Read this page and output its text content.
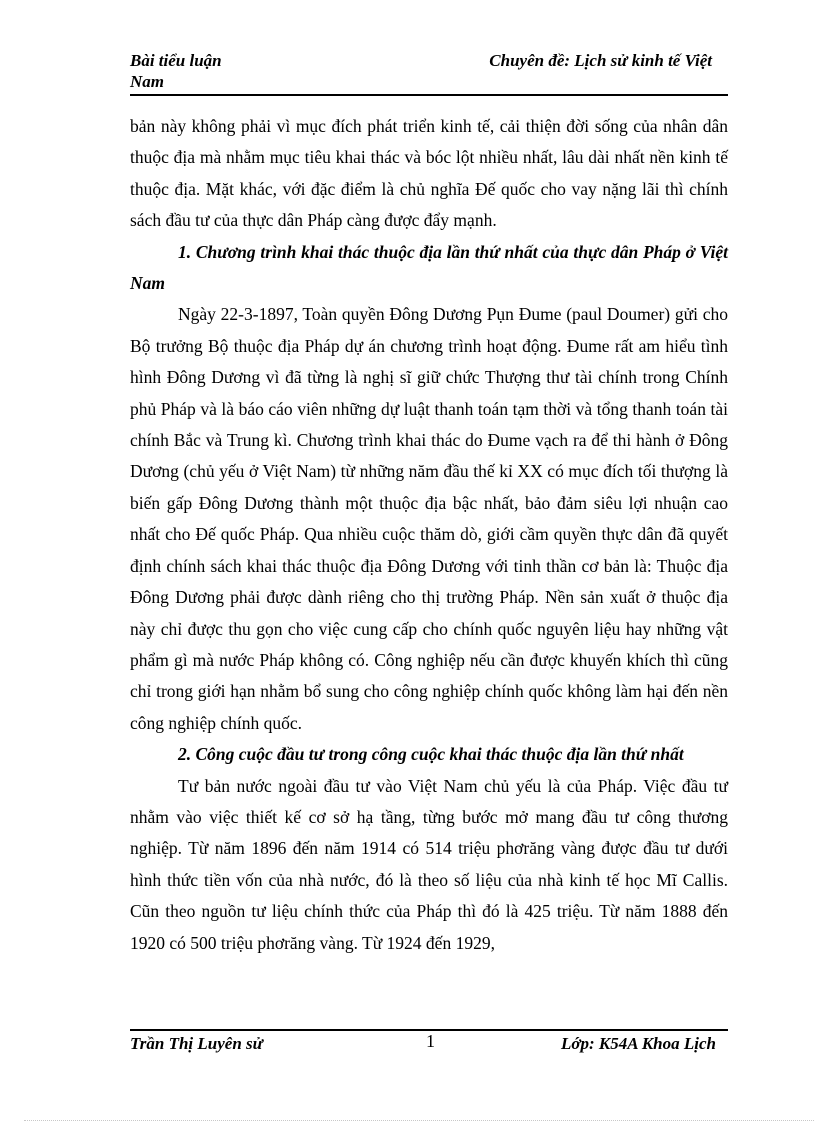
Bài tiểu luận Nam
Chuyên đề: Lịch sử kinh tế Việt

bản này không phải vì mục đích phát triển kinh tế, cải thiện đời sống của nhân dân thuộc địa mà nhằm mục tiêu khai thác và bóc lột nhiều nhất, lâu dài nhất nền kinh tế thuộc địa. Mặt khác, với đặc điểm là chủ nghĩa Đế quốc cho vay nặng lãi thì chính sách đầu tư của thực dân Pháp càng được đẩy mạnh.

1. Chương trình khai thác thuộc địa lần thứ nhất của thực dân Pháp ở Việt Nam

Ngày 22-3-1897, Toàn quyền Đông Dương Pụn Đume (paul Doumer) gửi cho Bộ trưởng Bộ thuộc địa Pháp dự án chương trình hoạt động. Đume rất am hiểu tình hình Đông Dương vì đã từng là nghị sĩ giữ chức Thượng thư tài chính trong Chính phủ Pháp và là báo cáo viên những dự luật thanh toán tạm thời và tổng thanh toán tài chính Bắc và Trung kì. Chương trình khai thác do Đume vạch ra để thi hành ở Đông Dương (chủ yếu ở Việt Nam) từ những năm đầu thế kỉ XX có mục đích tối thượng là biến gấp Đông Dương thành một thuộc địa bậc nhất, bảo đảm siêu lợi nhuận cao nhất cho Đế quốc Pháp. Qua nhiều cuộc thăm dò, giới cầm quyền thực dân đã quyết định chính sách khai thác thuộc địa Đông Dương với tinh thần cơ bản là: Thuộc địa Đông Dương phải được dành riêng cho thị trường Pháp. Nền sản xuất ở thuộc địa này chỉ được thu gọn cho việc cung cấp cho chính quốc nguyên liệu hay những vật phẩm gì mà nước Pháp không có. Công nghiệp nếu cần được khuyến khích thì cũng chỉ trong giới hạn nhằm bổ sung cho công nghiệp chính quốc không làm hại đến nền công nghiệp chính quốc.

2. Công cuộc đầu tư trong công cuộc khai thác thuộc địa lần thứ nhất

Tư bản nước ngoài đầu tư vào Việt Nam chủ yếu là của Pháp. Việc đầu tư nhằm vào việc thiết kế cơ sở hạ tầng, từng bước mở mang đầu tư công thương nghiệp. Từ năm 1896 đến năm 1914 có 514 triệu phơrăng vàng được đầu tư dưới hình thức tiền vốn của nhà nước, đó là theo số liệu của nhà kinh tế học Mĩ Callis. Cũn theo nguồn tư liệu chính thức của Pháp thì đó là 425 triệu. Từ năm 1888 đến 1920 có 500 triệu phơrăng vàng. Từ 1924 đến 1929,

Trần Thị Luyên sử	1	Lớp: K54A Khoa Lịch
